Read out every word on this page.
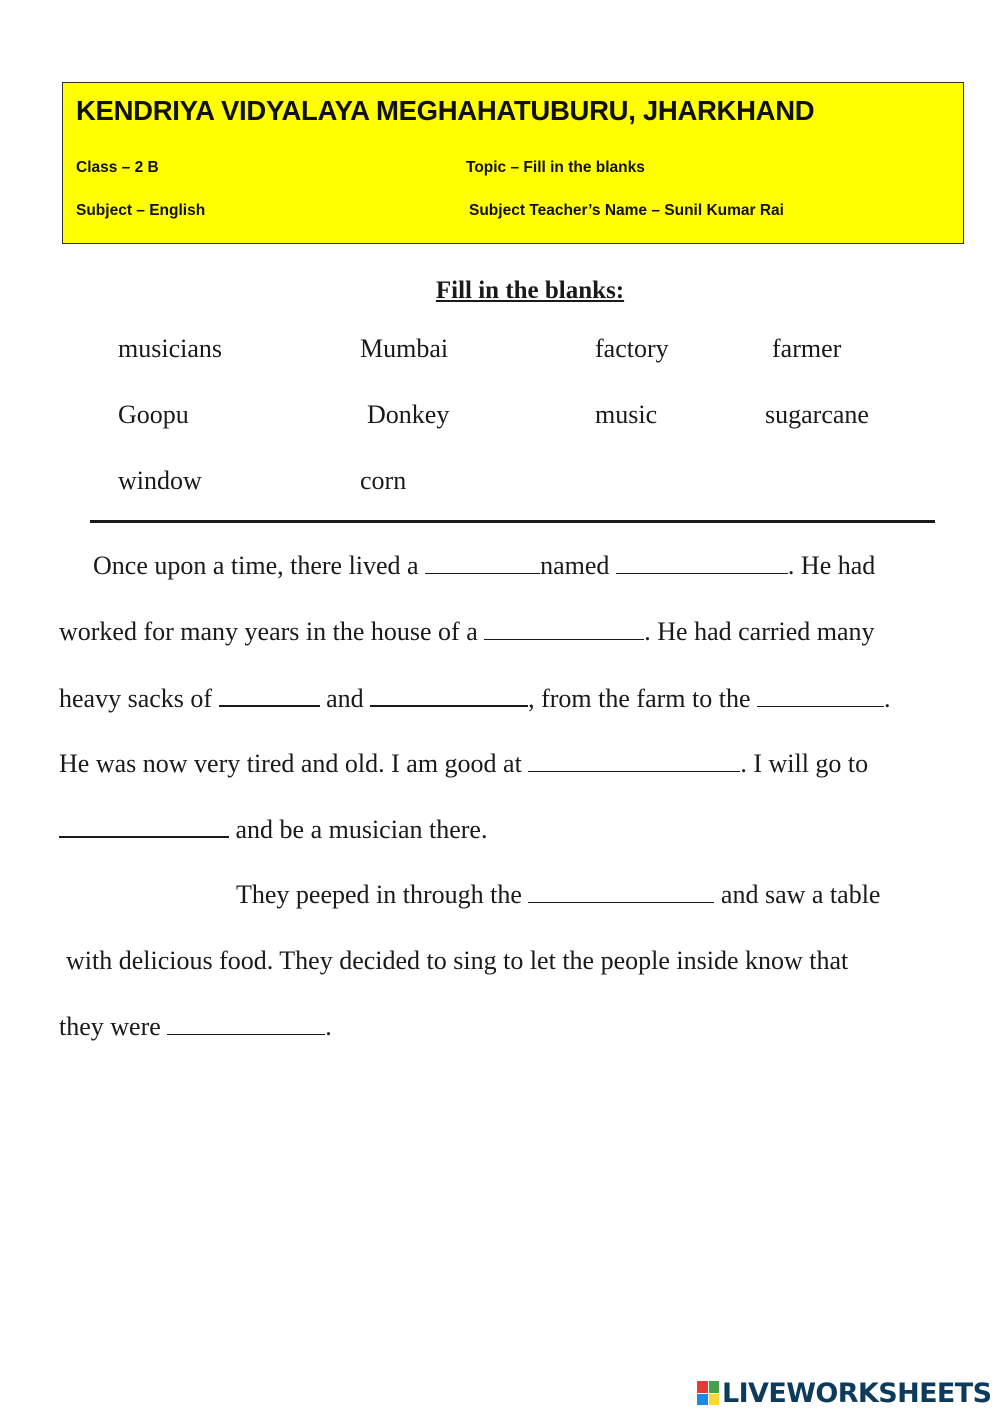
KENDRIYA VIDYALAYA MEGHAHATUBURU, JHARKHAND
Class – 2 B	Topic – Fill in the blanks
Subject – English	Subject Teacher’s Name – Sunil Kumar Rai
Fill in the blanks:
musicians	Mumbai	factory	farmer
Goopu	Donkey	music	sugarcane
window	corn
Once upon a time, there lived a	named	. He had
worked for many years in the house of a	. He had carried many
heavy sacks of	and	, from the farm to the	.
He was now very tired and old. I am good at	. I will go to
and be a musician there.
They peeped in through the	and saw a table
with delicious food. They decided to sing to let the people inside know that
they were	.
LIVEWORKSHEETS
